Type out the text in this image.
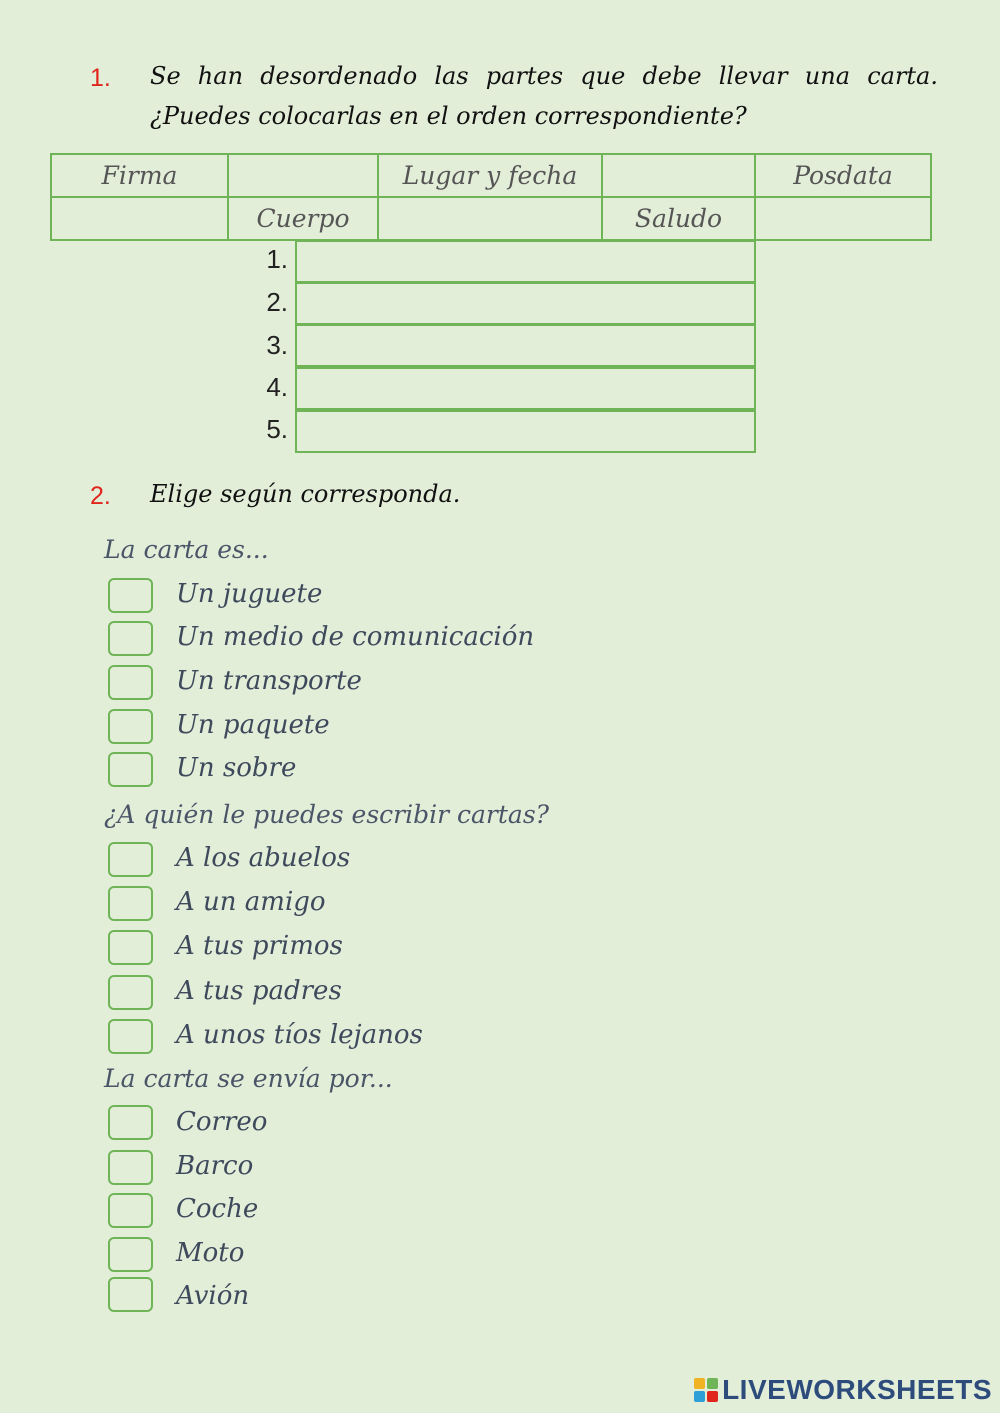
1. Se han desordenado las partes que debe llevar una carta.
¿Puedes colocarlas en el orden correspondiente?
Firma	Lugar y fecha	Posdata
Cuerpo	Saludo
1.
2.
3.
4.
5.
2. Elige según corresponda.
La carta es...
Un juguete
Un medio de comunicación
Un transporte
Un paquete
Un sobre
¿A quién le puedes escribir cartas?
A los abuelos
A un amigo
A tus primos
A tus padres
A unos tíos lejanos
La carta se envía por...
Correo
Barco
Coche
Moto
Avión
LIVEWORKSHEETS
